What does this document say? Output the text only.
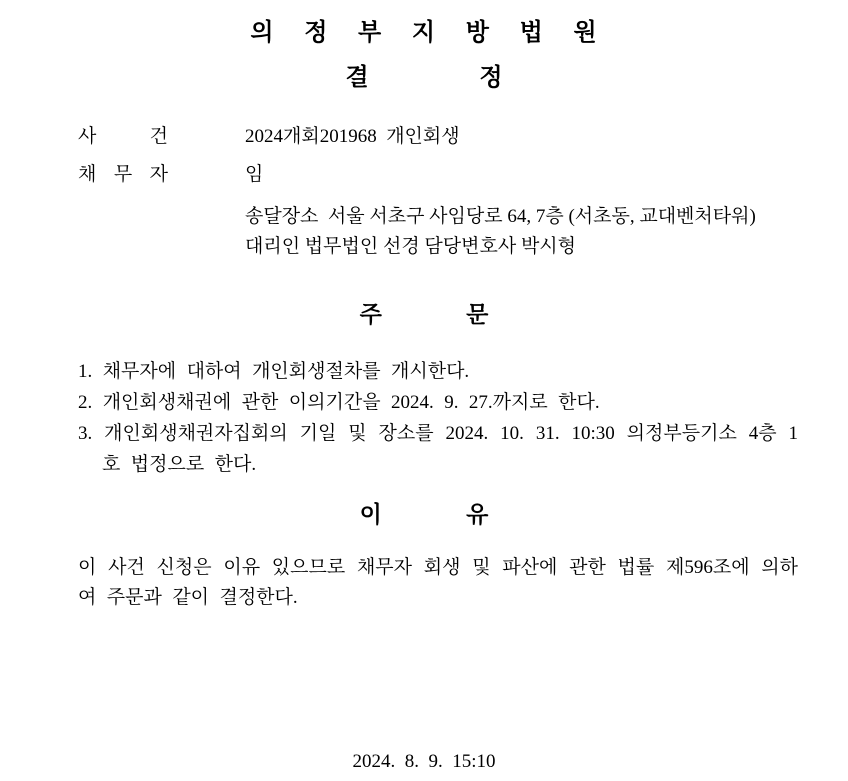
의 정 부 지 방 법 원
결 정
사 건	2024개회201968  개인회생
채 무 자	임
송달장소  서울 서초구 사임당로 64, 7층 (서초동, 교대벤처타워)
대리인 법무법인 선경 담당변호사 박시형
주 문
1. 채무자에 대하여 개인회생절차를 개시한다.
2. 개인회생채권에 관한 이의기간을 2024. 9. 27.까지로 한다.
3. 개인회생채권자집회의 기일 및 장소를 2024. 10. 31. 10:30 의정부등기소 4층 1호 법정으로 한다.
이 유

이 사건 신청은 이유 있으므로 채무자 회생 및 파산에 관한 법률 제596조에 의하여 주문과 같이 결정한다.

2024. 8. 9. 15:10
